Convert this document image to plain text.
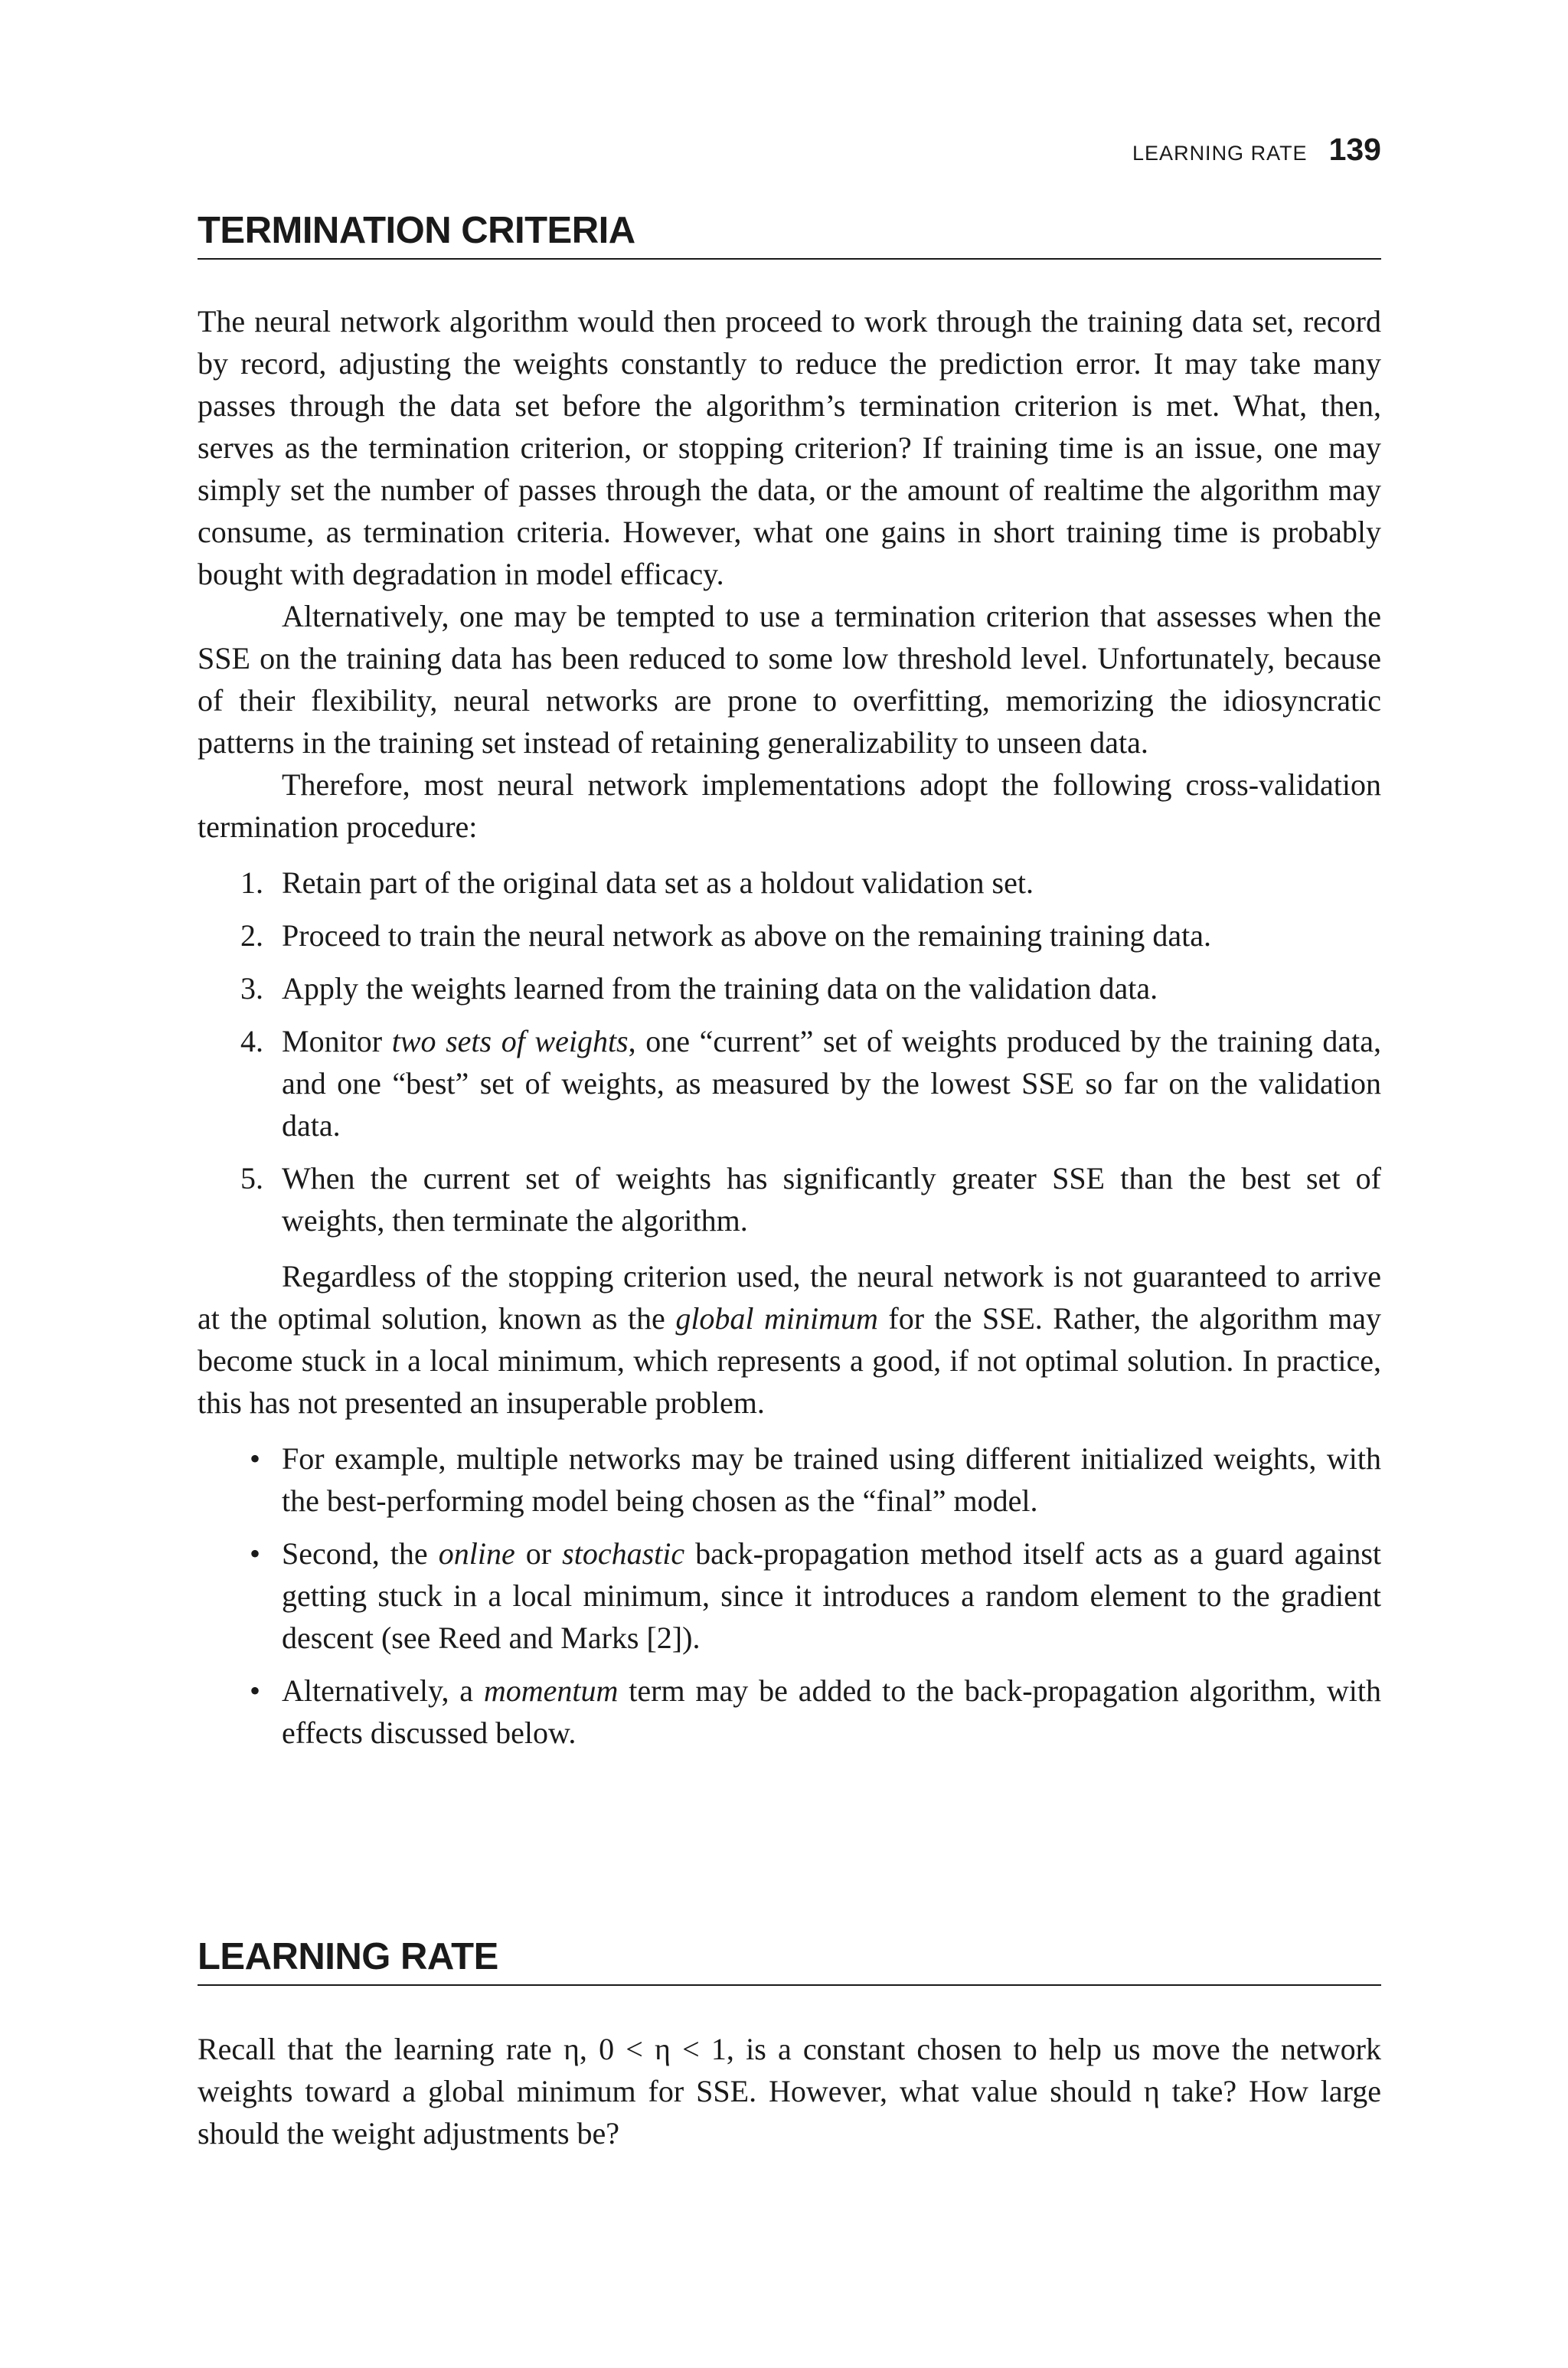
LEARNING RATE 139
TERMINATION CRITERIA

The neural network algorithm would then proceed to work through the training data set, record by record, adjusting the weights constantly to reduce the prediction error. It may take many passes through the data set before the algorithm’s termination criterion is met. What, then, serves as the termination criterion, or stopping criterion? If training time is an issue, one may simply set the number of passes through the data, or the amount of realtime the algorithm may consume, as termination criteria. However, what one gains in short training time is probably bought with degradation in model efficacy.

Alternatively, one may be tempted to use a termination criterion that assesses when the SSE on the training data has been reduced to some low threshold level. Unfortunately, because of their flexibility, neural networks are prone to overfitting, memorizing the idiosyncratic patterns in the training set instead of retaining generalizability to unseen data.

Therefore, most neural network implementations adopt the following cross-validation termination procedure:

1. Retain part of the original data set as a holdout validation set.
2. Proceed to train the neural network as above on the remaining training data.
3. Apply the weights learned from the training data on the validation data.
4. Monitor two sets of weights, one “current” set of weights produced by the training data, and one “best” set of weights, as measured by the lowest SSE so far on the validation data.
5. When the current set of weights has significantly greater SSE than the best set of weights, then terminate the algorithm.

Regardless of the stopping criterion used, the neural network is not guaranteed to arrive at the optimal solution, known as the global minimum for the SSE. Rather, the algorithm may become stuck in a local minimum, which represents a good, if not optimal solution. In practice, this has not presented an insuperable problem.

• For example, multiple networks may be trained using different initialized weights, with the best-performing model being chosen as the “final” model.
• Second, the online or stochastic back-propagation method itself acts as a guard against getting stuck in a local minimum, since it introduces a random element to the gradient descent (see Reed and Marks [2]).
• Alternatively, a momentum term may be added to the back-propagation algorithm, with effects discussed below.
LEARNING RATE

Recall that the learning rate η, 0 < η < 1, is a constant chosen to help us move the network weights toward a global minimum for SSE. However, what value should η take? How large should the weight adjustments be?
